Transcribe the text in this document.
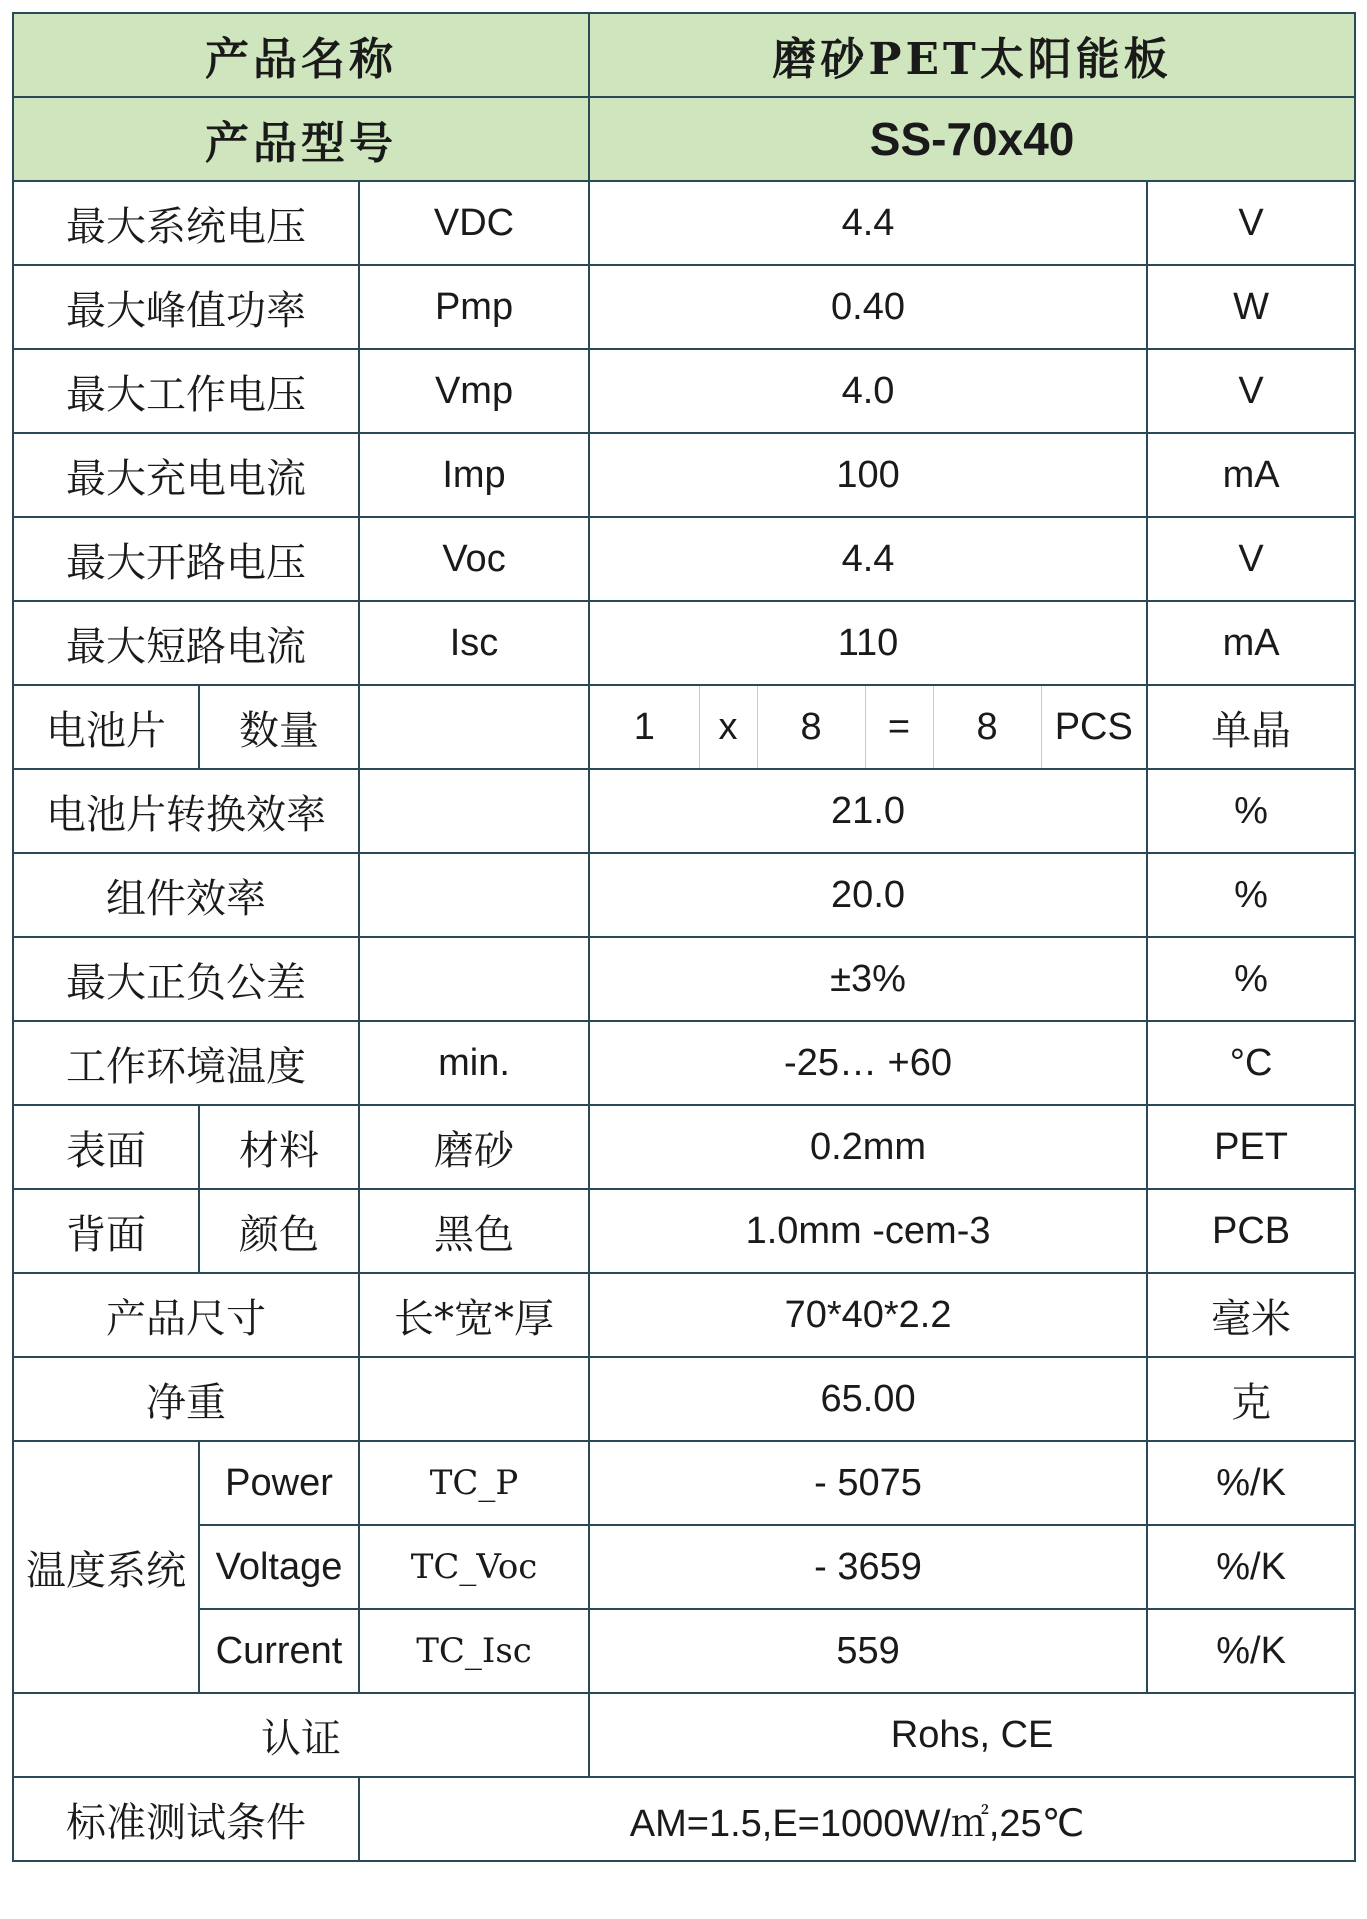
产品名称			磨砂PET太阳能板						
产品型号			SS-70x40						
最大系统电压		VDC	4.4						V
最大峰值功率		Pmp	0.40						W
最大工作电压		Vmp	4.0						V
最大充电电流		Imp	100						mA
最大开路电压		Voc	4.4						V
最大短路电流		Isc	110						mA
电池片	数量		1	x	8	=	8	PCS	单晶
电池片转换效率			21.0						%
组件效率			20.0						%
最大正负公差			±3%						%
工作环境温度		min.	-25… +60						°C
表面	材料	磨砂	0.2mm						PET
背面	颜色	黑色	1.0mm -cem-3						PCB
产品尺寸		长*宽*厚	70*40*2.2						毫米
净重			65.00						克
温度系统	Power	TC_P	- 5075						%/K
	Voltage	TC_Voc	- 3659						%/K
	Current	TC_Isc	559						%/K
认证			Rohs, CE						
标准测试条件		AM=1.5,E=1000W/㎡,25℃							
